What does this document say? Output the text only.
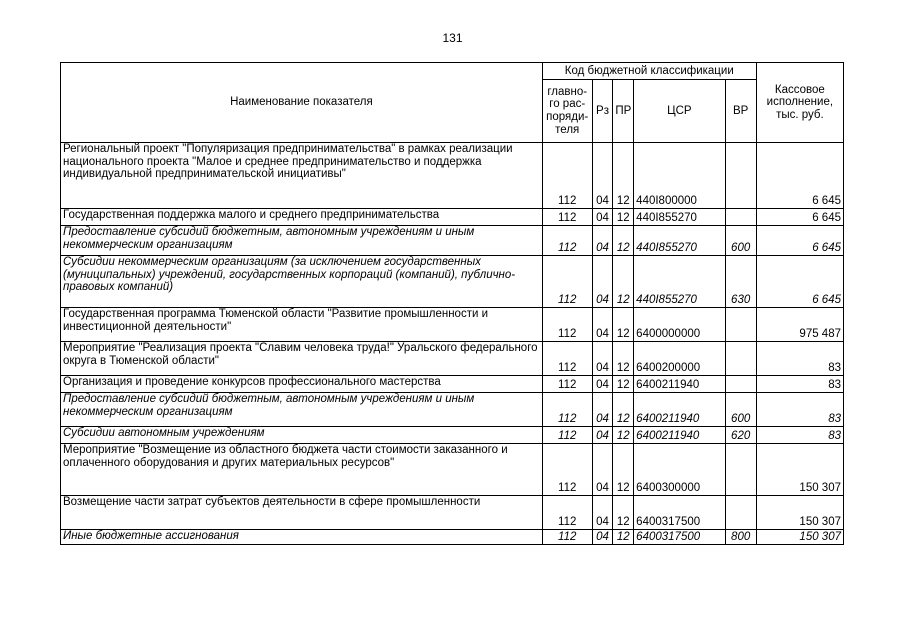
131
Наименование показателя	Код бюджетной классификации					Кассовое
исполнение,
тыс. руб.
	главно-
го рас-
поряди-
теля	Рз	ПР	ЦСР	ВР	
Региональный проект "Популяризация предпринимательства" в рамках реализации национального проекта "Малое и среднее предпринимательство и поддержка индивидуальной предпринимательской инициативы"	112	04	12	440I800000		6 645
Государственная поддержка малого и среднего предпринимательства	112	04	12	440I855270		6 645
Предоставление субсидий бюджетным, автономным учреждениям и иным некоммерческим организациям	112	04	12	440I855270	600	6 645
Субсидии некоммерческим организациям (за исключением государственных (муниципальных) учреждений, государственных корпораций (компаний), публично-правовых компаний)	112	04	12	440I855270	630	6 645
Государственная программа Тюменской области "Развитие промышленности и инвестиционной деятельности"	112	04	12	6400000000		975 487
Мероприятие "Реализация проекта "Славим человека труда!" Уральского федерального округа в Тюменской области"	112	04	12	6400200000		83
Организация и проведение конкурсов профессионального мастерства	112	04	12	6400211940		83
Предоставление субсидий бюджетным, автономным учреждениям и иным некоммерческим организациям	112	04	12	6400211940	600	83
Субсидии автономным учреждениям	112	04	12	6400211940	620	83
Мероприятие "Возмещение из областного бюджета части стоимости заказанного и оплаченного оборудования и других материальных ресурсов"	112	04	12	6400300000		150 307
Возмещение части затрат субъектов деятельности в сфере промышленности	112	04	12	6400317500		150 307
Иные бюджетные ассигнования	112	04	12	6400317500	800	150 307
